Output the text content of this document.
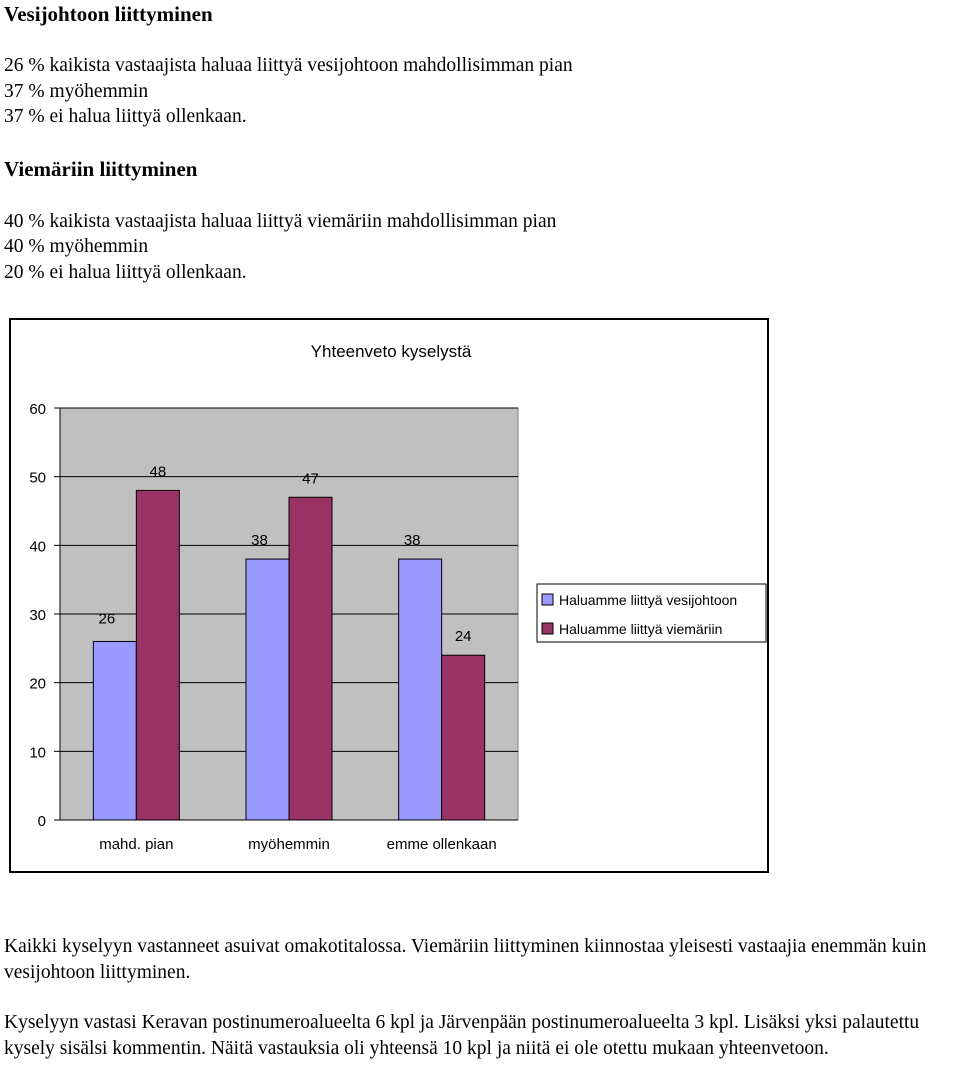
Vesijohtoon liittyminen

26 % kaikista vastaajista haluaa liittyä vesijohtoon mahdollisimman pian

37 % myöhemmin

37 % ei halua liittyä ollenkaan.

Viemäriin liittyminen

40 % kaikista vastaajista haluaa liittyä viemäriin mahdollisimman pian

40 % myöhemmin

20 % ei halua liittyä ollenkaan.

Yhteenveto kyselystä
0
10
20
30
40
50
60
26
48
mahd. pian
38
47
myöhemmin
38
24
emme ollenkaan
Haluamme liittyä vesijohtoon
Haluamme liittyä viemäriin

Kaikki kyselyyn vastanneet asuivat omakotitalossa. Viemäriin liittyminen kiinnostaa yleisesti vastaajia enemmän kuin vesijohtoon liittyminen.

Kyselyyn vastasi Keravan postinumeroalueelta 6 kpl ja Järvenpään postinumeroalueelta 3 kpl. Lisäksi yksi palautettu kysely sisälsi kommentin. Näitä vastauksia oli yhteensä 10 kpl ja niitä ei ole otettu mukaan yhteenvetoon.
